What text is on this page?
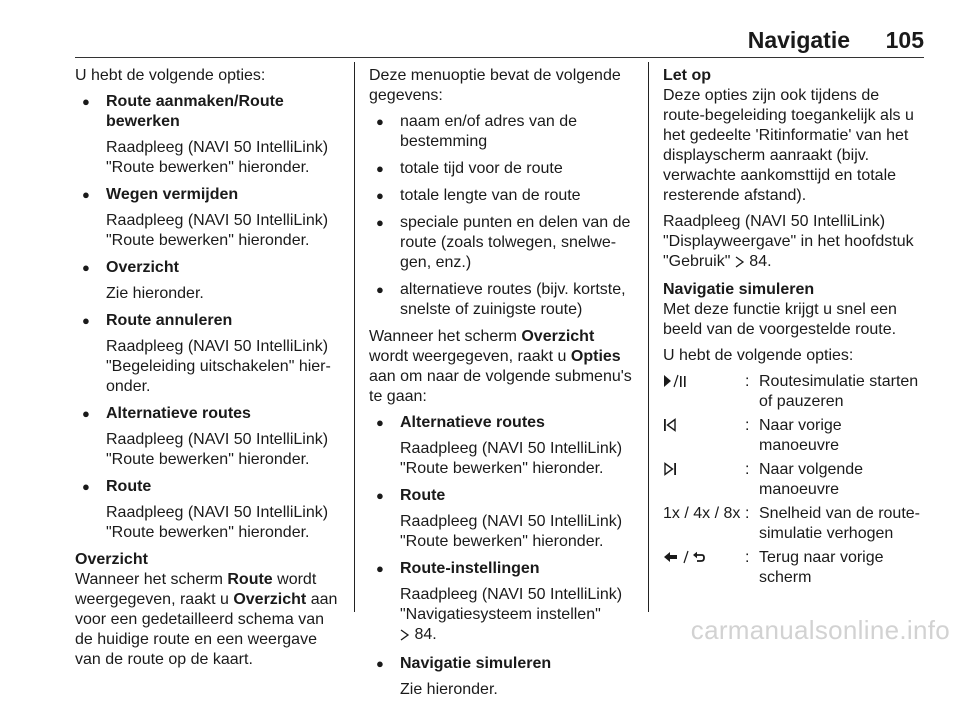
Navigatie 105

U hebt de volgende opties:

● Route aanmaken/Route bewerken
Raadpleeg (NAVI 50 IntelliLink) "Route bewerken" hieronder.
● Wegen vermijden
Raadpleeg (NAVI 50 IntelliLink) "Route bewerken" hieronder.
● Overzicht
Zie hieronder.
● Route annuleren
Raadpleeg (NAVI 50 IntelliLink) "Begeleiding uitschakelen" hier-onder.
● Alternatieve routes
Raadpleeg (NAVI 50 IntelliLink) "Route bewerken" hieronder.
● Route
Raadpleeg (NAVI 50 IntelliLink) "Route bewerken" hieronder.

Overzicht

Wanneer het scherm Route wordt weergegeven, raakt u Overzicht aan voor een gedetailleerd schema van de huidige route en een weergave van de route op de kaart.

Deze menuoptie bevat de volgende gegevens:

● naam en/of adres van de bestemming
● totale tijd voor de route
● totale lengte van de route
● speciale punten en delen van de route (zoals tolwegen, snelwe-gen, enz.)
● alternatieve routes (bijv. kortste, snelste of zuinigste route)

Wanneer het scherm Overzicht wordt weergegeven, raakt u Opties aan om naar de volgende submenu's te gaan:

● Alternatieve routes
Raadpleeg (NAVI 50 IntelliLink) "Route bewerken" hieronder.
● Route
Raadpleeg (NAVI 50 IntelliLink) "Route bewerken" hieronder.
● Route-instellingen
Raadpleeg (NAVI 50 IntelliLink) "Navigatiesysteem instellen"
84.
● Navigatie simuleren
Zie hieronder.

Let op

Deze opties zijn ook tijdens de route-begeleiding toegankelijk als u het gedeelte 'Ritinformatie' van het displayscherm aanraakt (bijv. verwachte aankomsttijd en totale resterende afstand).

Raadpleeg (NAVI 50 IntelliLink) "Displayweergave" in het hoofdstuk "Gebruik" 84.

Navigatie simuleren

Met deze functie krijgt u snel een beeld van de voorgestelde route.

U hebt de volgende opties:

	:	Routesimulatie starten of pauzeren
	:	Naar vorige manoeuvre
	:	Naar volgende manoeuvre
1x / 4x / 8x	:	Snelheid van de route-simulatie verhogen
	:	Terug naar vorige scherm
carmanualsonline.info
